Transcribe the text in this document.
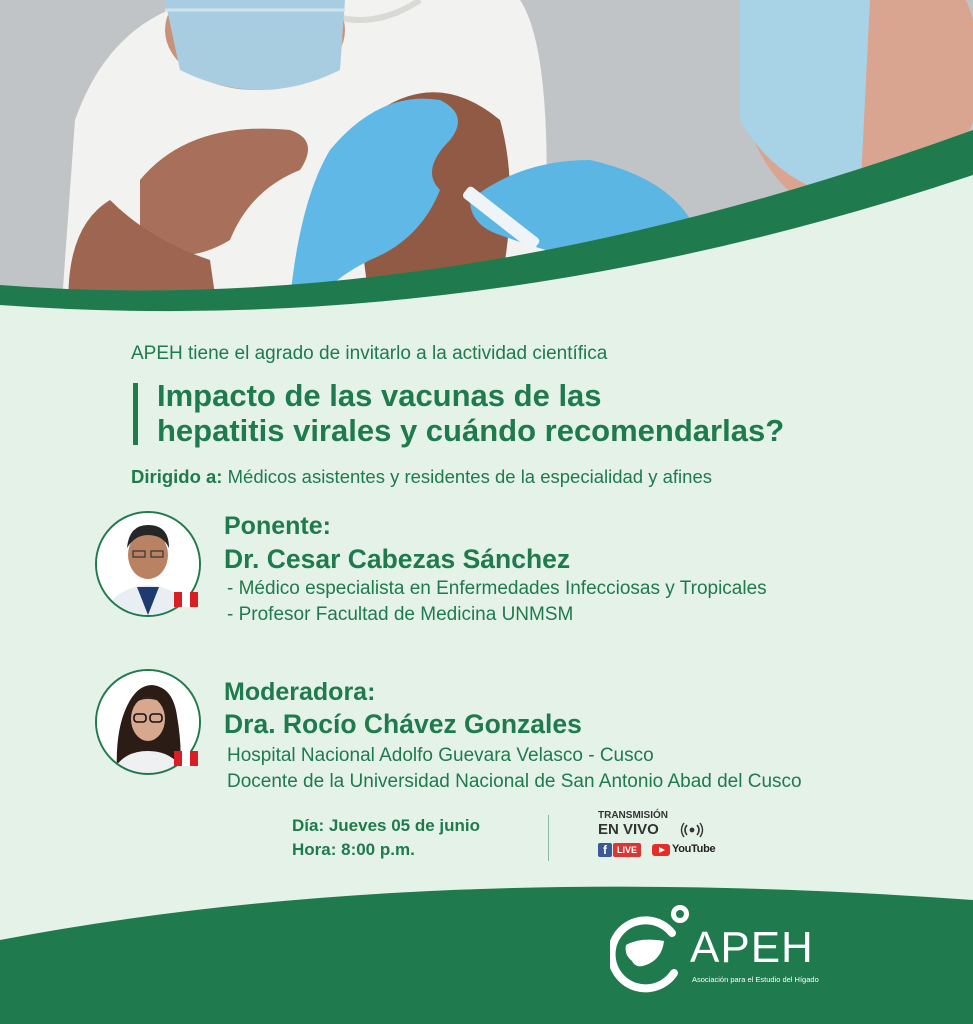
APEH tiene el agrado de invitarlo a la actividad científica
Impacto de las vacunas de las
hepatitis virales y cuándo recomendarlas?
Dirigido a: Médicos asistentes y residentes de la especialidad y afines
Ponente:
Dr. Cesar Cabezas Sánchez
- Médico especialista en Enfermedades Infecciosas y Tropicales
- Profesor Facultad de Medicina UNMSM
Moderadora:
Dra. Rocío Chávez Gonzales
Hospital Nacional Adolfo Guevara Velasco - Cusco
Docente de la Universidad Nacional de San Antonio Abad del Cusco
Día: Jueves 05 de junio
Hora: 8:00 p.m.
TRANSMISIÓN
EN VIVO
f	LIVE	YouTube
APEH
Asociación para el Estudio del Hígado
